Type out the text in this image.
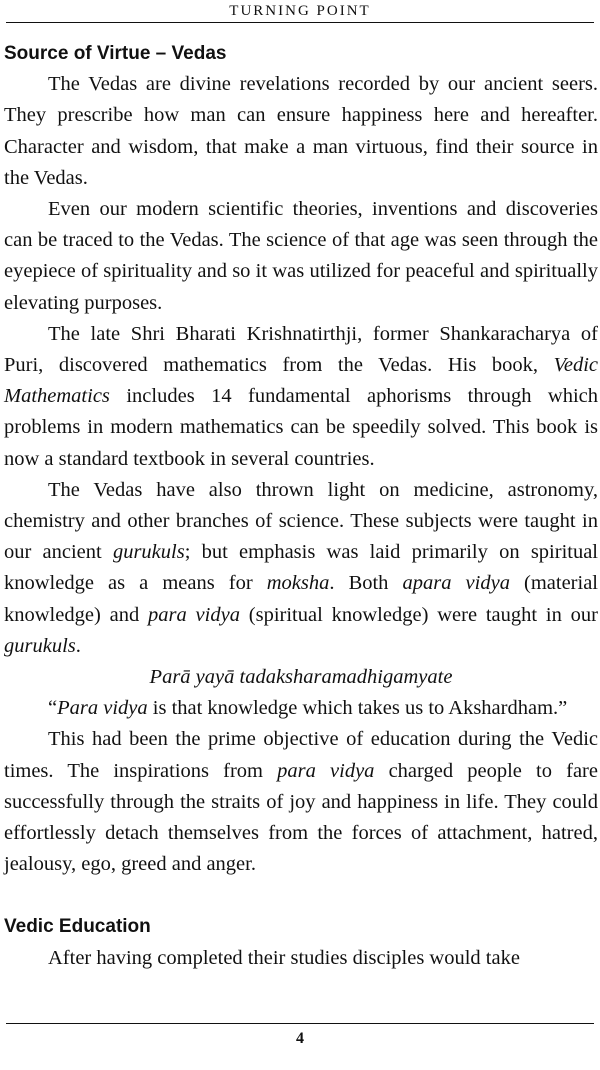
TURNING POINT
Source of Virtue – Vedas

The Vedas are divine revelations recorded by our ancient seers. They prescribe how man can ensure happiness here and hereafter. Character and wisdom, that make a man virtuous, find their source in the Vedas.

Even our modern scientific theories, inventions and discoveries can be traced to the Vedas. The science of that age was seen through the eyepiece of spirituality and so it was utilized for peaceful and spiritually elevating purposes.

The late Shri Bharati Krishnatirthji, former Shankaracharya of Puri, discovered mathematics from the Vedas. His book, Vedic Mathematics includes 14 fundamental aphorisms through which problems in modern mathematics can be speedily solved. This book is now a standard textbook in several countries.

The Vedas have also thrown light on medicine, astronomy, chemistry and other branches of science. These subjects were taught in our ancient gurukuls; but emphasis was laid primarily on spiritual knowledge as a means for moksha. Both apara vidya (material knowledge) and para vidya (spiritual knowledge) were taught in our gurukuls.

Parā yayā tadaksharamadhigamyate

“Para vidya is that knowledge which takes us to Akshardham.”

This had been the prime objective of education during the Vedic times. The inspirations from para vidya charged people to fare successfully through the straits of joy and happiness in life. They could effortlessly detach themselves from the forces of attachment, hatred, jealousy, ego, greed and anger.

Vedic Education

After having completed their studies disciples would take

4
